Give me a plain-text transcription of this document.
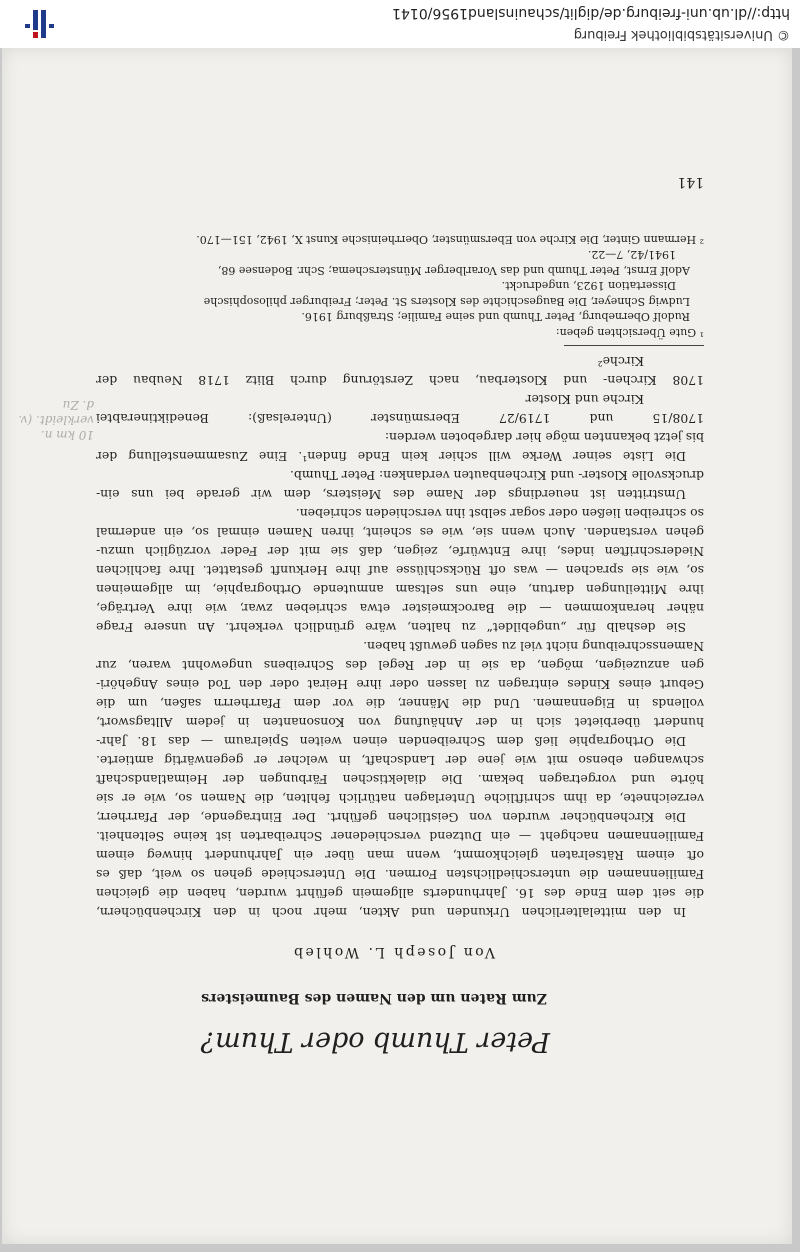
© Universitätsbibliothek Freiburg
http://dl.ub.uni-freiburg.de/diglit/schauinsland1956/0141
Peter Thumb oder Thum?
Zum Raten um den Namen des Baumeisters
Von Joseph L. Wohleb
In den mittelalterlichen Urkunden und Akten, mehr noch in den Kirchenbüchern,
die seit dem Ende des 16. Jahrhunderts allgemein geführt wurden, haben die gleichen
Familiennamen die unterschiedlichsten Formen. Die Unterschiede gehen so weit, daß es
oft einem Rätselraten gleichkommt, wenn man über ein Jahrhundert hinweg einem
Familiennamen nachgeht — ein Dutzend verschiedener Schreibarten ist keine Seltenheit.
Die Kirchenbücher wurden von Geistlichen geführt. Der Eintragende, der Pfarrherr,
verzeichnete, da ihm schriftliche Unterlagen natürlich fehlten, die Namen so, wie er sie
hörte und vorgetragen bekam. Die dialektischen Färbungen der Heimatlandschaft
schwangen ebenso mit wie jene der Landschaft, in welcher er gegenwärtig amtierte.
Die Orthographie ließ dem Schreibenden einen weiten Spielraum — das 18. Jahr-
hundert überbietet sich in der Anhäufung von Konsonanten in jedem Alltagswort,
vollends in Eigennamen. Und die Männer, die vor dem Pfarrherrn saßen, um die
Geburt eines Kindes eintragen zu lassen oder ihre Heirat oder den Tod eines Angehöri-
gen anzuzeigen, mögen, da sie in der Regel des Schreibens ungewohnt waren, zur
Namensschreibung nicht viel zu sagen gewußt haben.
Sie deshalb für „ungebildet“ zu halten, wäre gründlich verkehrt. An unsere Frage
näher herankommen — die Barockmeister etwa schrieben zwar, wie ihre Verträge,
ihre Mitteilungen dartun, eine uns seltsam anmutende Orthographie, im allgemeinen
so, wie sie sprachen — was oft Rückschlüsse auf ihre Herkunft gestattet. Ihre fachlichen
Niederschriften indes, ihre Entwürfe, zeigen, daß sie mit der Feder vorzüglich umzu-
gehen verstanden. Auch wenn sie, wie es scheint, ihren Namen einmal so, ein andermal
so schreiben ließen oder sogar selbst ihn verschieden schrieben.
Umstritten ist neuerdings der Name des Meisters, dem wir gerade bei uns ein-
drucksvolle Kloster- und Kirchenbauten verdanken: Peter Thumb.
Die Liste seiner Werke will schier kein Ende finden¹. Eine Zusammenstellung der
bis jetzt bekannten möge hier dargeboten werden:
1708/15 und 1719/27 Ebersmünster (Unterelsaß): Benediktinerabtei
Kirche und Kloster
1708 Kirchen- und Klosterbau, nach Zerstörung durch Blitz 1718 Neubau der
Kirche²
¹ Gute Übersichten geben:
Rudolf Oberneburg, Peter Thumb und seine Familie; Straßburg 1916.
Ludwig Schneyer, Die Baugeschichte des Klosters St. Peter; Freiburger philosophische
Dissertation 1923, ungedruckt.
Adolf Ernst, Peter Thumb und das Vorarlberger Münsterschema; Schr. Bodensee 68,
1941/42, 7—22.
² Hermann Ginter, Die Kirche von Ebersmünster, Oberrheinische Kunst X, 1942, 151—170.
141
10 km n. verkleidt. (v. d. Zu
